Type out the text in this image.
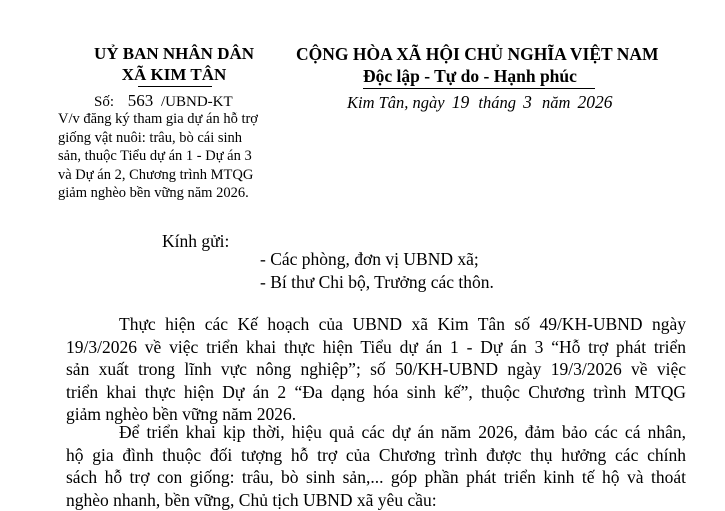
UỶ BAN NHÂN DÂN
XÃ KIM TÂN
Số: 563 /UBND-KT
V/v đăng ký tham gia dự án hỗ trợ
giống vật nuôi: trâu, bò cái sinh
sản, thuộc Tiểu dự án 1 - Dự án 3
và Dự án 2, Chương trình MTQG
giảm nghèo bền vững năm 2026.
CỘNG HÒA XÃ HỘI CHỦ NGHĨA VIỆT NAM
Độc lập - Tự do - Hạnh phúc
Kim Tân, ngày 19 tháng 3 năm 2026
Kính gửi:
- Các phòng, đơn vị UBND xã;
- Bí thư Chi bộ, Trưởng các thôn.
Thực hiện các Kế hoạch của UBND xã Kim Tân số 49/KH-UBND ngày
19/3/2026 về việc triển khai thực hiện Tiểu dự án 1 - Dự án 3 “Hỗ trợ phát triển
sản xuất trong lĩnh vực nông nghiệp”; số 50/KH-UBND ngày 19/3/2026 về việc
triển khai thực hiện Dự án 2 “Đa dạng hóa sinh kế”, thuộc Chương trình MTQG
giảm nghèo bền vững năm 2026.
Để triển khai kịp thời, hiệu quả các dự án năm 2026, đảm bảo các cá nhân,
hộ gia đình thuộc đối tượng hỗ trợ của Chương trình được thụ hưởng các chính
sách hỗ trợ con giống: trâu, bò sinh sản,... góp phần phát triển kinh tế hộ và thoát
nghèo nhanh, bền vững, Chủ tịch UBND xã yêu cầu:
